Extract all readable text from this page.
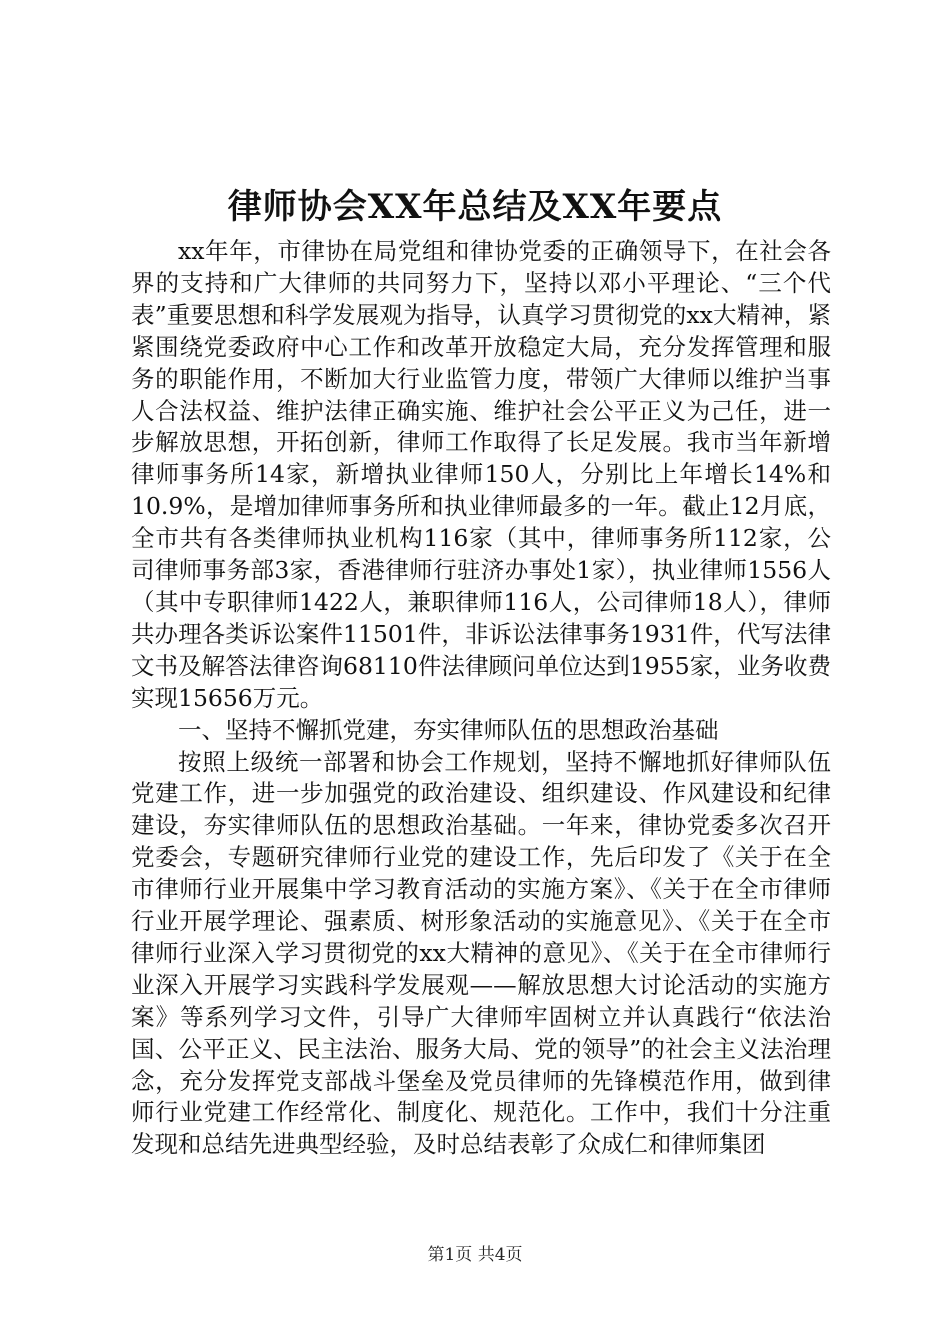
律师协会XX年总结及XX年要点

xx年年，市律协在局党组和律协党委的正确领导下，在社会各界的支持和广大律师的共同努力下，坚持以邓小平理论、“三个代表”重要思想和科学发展观为指导，认真学习贯彻党的xx大精神，紧紧围绕党委政府中心工作和改革开放稳定大局，充分发挥管理和服务的职能作用，不断加大行业监管力度，带领广大律师以维护当事人合法权益、维护法律正确实施、维护社会公平正义为己任，进一步解放思想，开拓创新，律师工作取得了长足发展。我市当年新增律师事务所14家，新增执业律师150人，分别比上年增长14%和10.9%，是增加律师事务所和执业律师最多的一年。截止12月底，全市共有各类律师执业机构116家（其中，律师事务所112家，公司律师事务部3家，香港律师行驻济办事处1家），执业律师1556人（其中专职律师1422人，兼职律师116人，公司律师18人），律师共办理各类诉讼案件11501件，非诉讼法律事务1931件，代写法律文书及解答法律咨询68110件法律顾问单位达到1955家，业务收费实现15656万元。

一、坚持不懈抓党建，夯实律师队伍的思想政治基础

按照上级统一部署和协会工作规划，坚持不懈地抓好律师队伍党建工作，进一步加强党的政治建设、组织建设、作风建设和纪律建设，夯实律师队伍的思想政治基础。一年来，律协党委多次召开党委会，专题研究律师行业党的建设工作，先后印发了《关于在全市律师行业开展集中学习教育活动的实施方案》、《关于在全市律师行业开展学理论、强素质、树形象活动的实施意见》、《关于在全市律师行业深入学习贯彻党的xx大精神的意见》、《关于在全市律师行业深入开展学习实践科学发展观——解放思想大讨论活动的实施方案》等系列学习文件，引导广大律师牢固树立并认真践行“依法治国、公平正义、民主法治、服务大局、党的领导”的社会主义法治理念，充分发挥党支部战斗堡垒及党员律师的先锋模范作用，做到律师行业党建工作经常化、制度化、规范化。工作中，我们十分注重发现和总结先进典型经验，及时总结表彰了众成仁和律师集团

第1页 共4页
